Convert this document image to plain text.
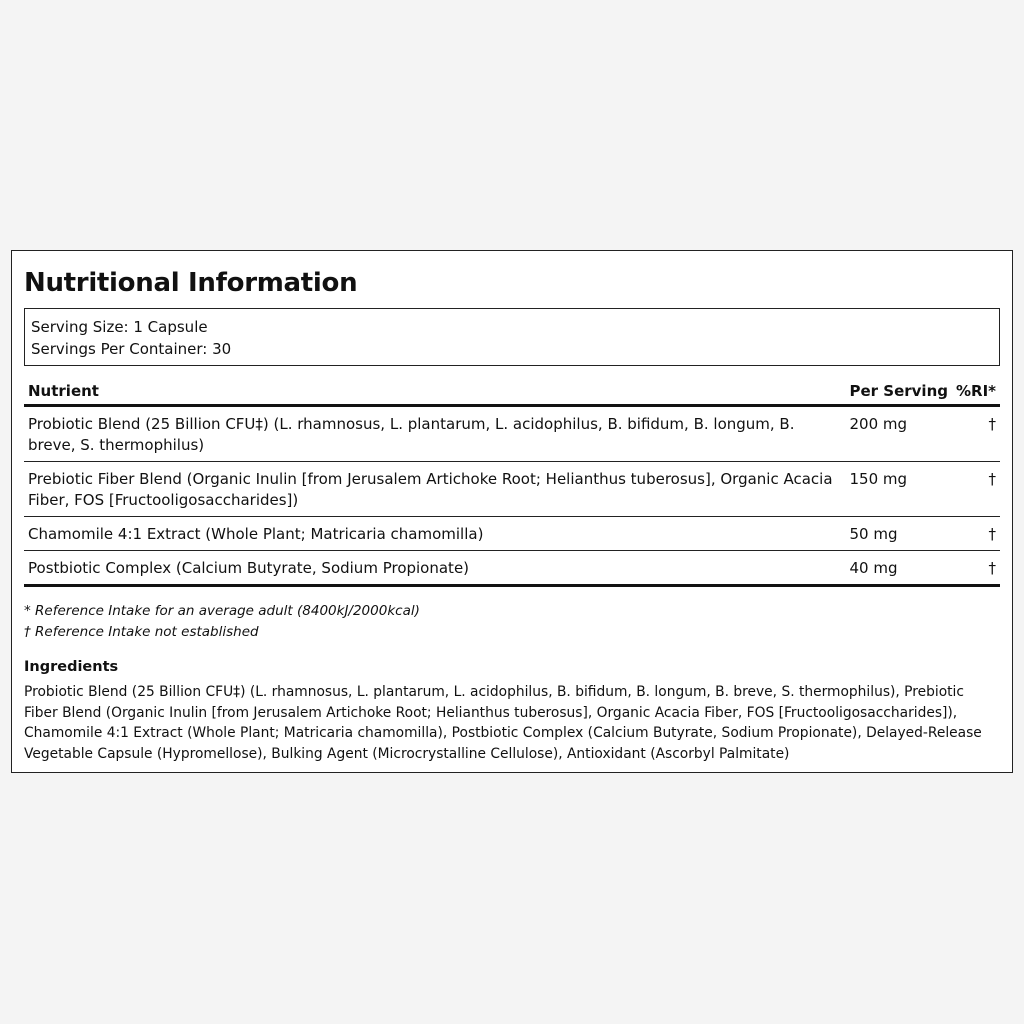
Nutritional Information
Serving Size: 1 Capsule
Servings Per Container: 30
Nutrient	Per Serving	%RI*
Probiotic Blend (25 Billion CFU‡) (L. rhamnosus, L. plantarum, L. acidophilus, B. bifidum, B. longum, B. breve, S. thermophilus)	200 mg	†
Prebiotic Fiber Blend (Organic Inulin [from Jerusalem Artichoke Root; Helianthus tuberosus], Organic Acacia Fiber, FOS [Fructooligosaccharides])	150 mg	†
Chamomile 4:1 Extract (Whole Plant; Matricaria chamomilla)	50 mg	†
Postbiotic Complex (Calcium Butyrate, Sodium Propionate)	40 mg	†
* Reference Intake for an average adult (8400kJ/2000kcal)
† Reference Intake not established
Ingredients
Probiotic Blend (25 Billion CFU‡) (L. rhamnosus, L. plantarum, L. acidophilus, B. bifidum, B. longum, B. breve, S. thermophilus), Prebiotic Fiber Blend (Organic Inulin [from Jerusalem Artichoke Root; Helianthus tuberosus], Organic Acacia Fiber, FOS [Fructooligosaccharides]), Chamomile 4:1 Extract (Whole Plant; Matricaria chamomilla), Postbiotic Complex (Calcium Butyrate, Sodium Propionate), Delayed-Release Vegetable Capsule (Hypromellose), Bulking Agent (Microcrystalline Cellulose), Antioxidant (Ascorbyl Palmitate)
